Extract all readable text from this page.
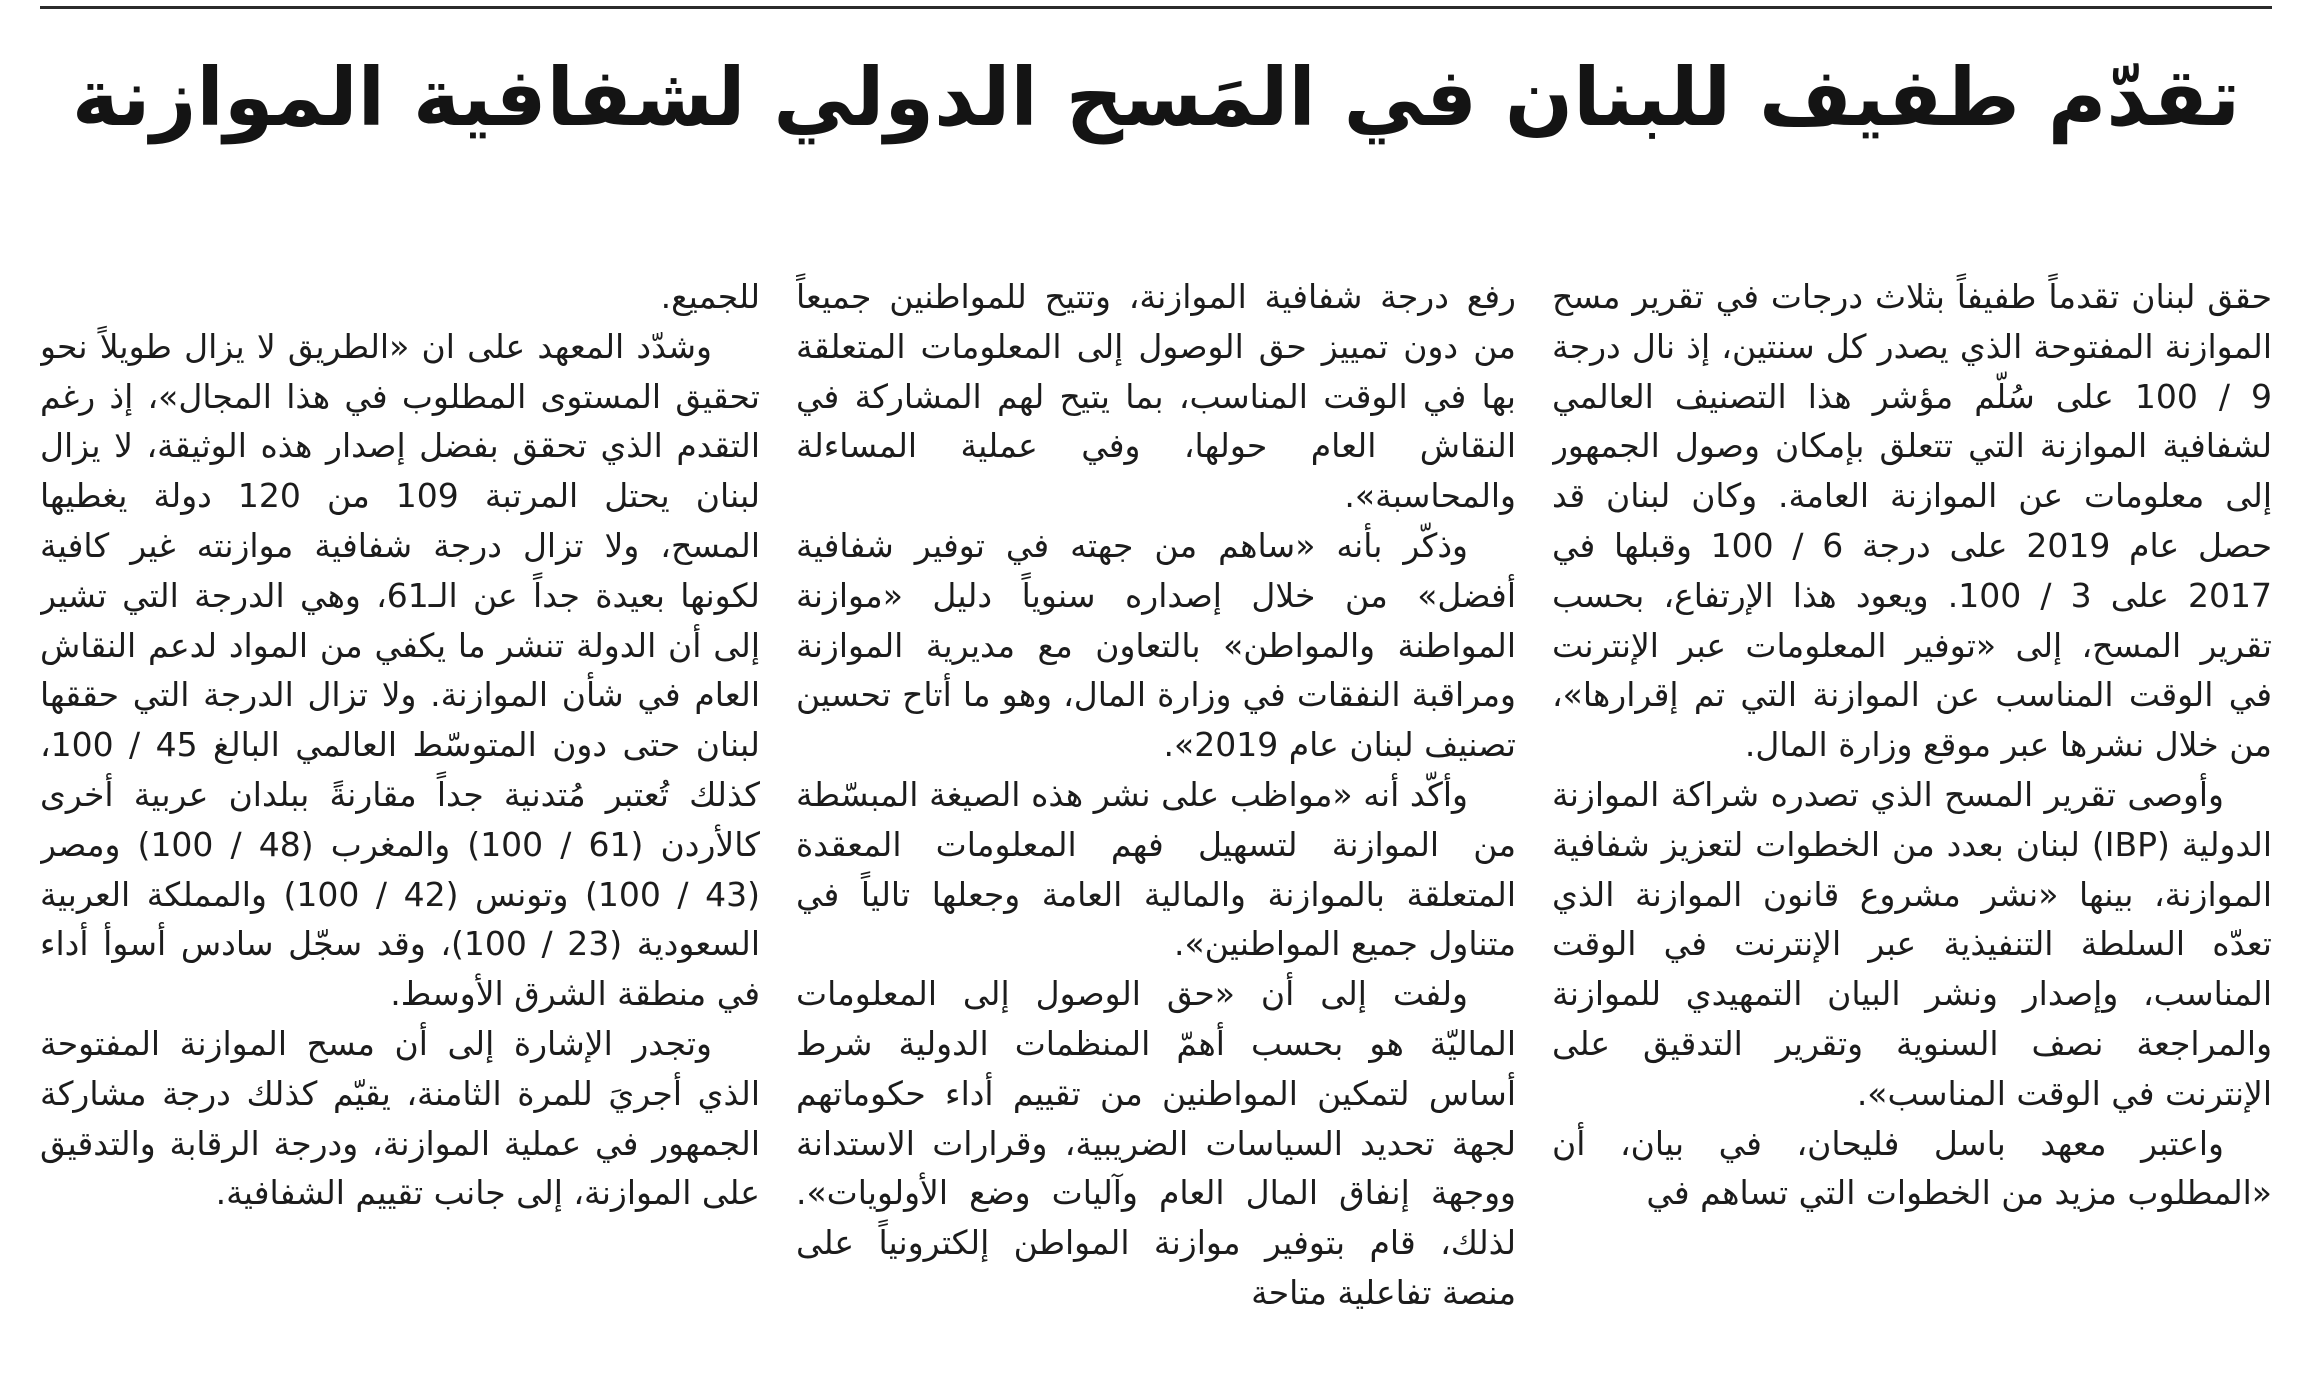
تقدّم طفيف للبنان في المَسح الدولي لشفافية الموازنة

حقق لبنان تقدماً طفيفاً بثلاث درجات في تقرير مسح الموازنة المفتوحة الذي يصدر كل سنتين، إذ نال درجة 9 / 100 على سُلّم مؤشر هذا التصنيف العالمي لشفافية الموازنة التي تتعلق بإمكان وصول الجمهور إلى معلومات عن الموازنة العامة. وكان لبنان قد حصل عام 2019 على درجة 6 / 100 وقبلها في 2017 على 3 / 100. ويعود هذا الإرتفاع، بحسب تقرير المسح، إلى «توفير المعلومات عبر الإنترنت في الوقت المناسب عن الموازنة التي تم إقرارها»، من خلال نشرها عبر موقع وزارة المال.

وأوصى تقرير المسح الذي تصدره شراكة الموازنة الدولية (IBP) لبنان بعدد من الخطوات لتعزيز شفافية الموازنة، بينها «نشر مشروع قانون الموازنة الذي تعدّه السلطة التنفيذية عبر الإنترنت في الوقت المناسب، وإصدار ونشر البيان التمهيدي للموازنة والمراجعة نصف السنوية وتقرير التدقيق على الإنترنت في الوقت المناسب».

واعتبر معهد باسل فليحان، في بيان، أن «المطلوب مزيد من الخطوات التي تساهم في

رفع درجة شفافية الموازنة، وتتيح للمواطنين جميعاً من دون تمييز حق الوصول إلى المعلومات المتعلقة بها في الوقت المناسب، بما يتيح لهم المشاركة في النقاش العام حولها، وفي عملية المساءلة والمحاسبة».

وذكّر بأنه «ساهم من جهته في توفير شفافية أفضل» من خلال إصداره سنوياً دليل «موازنة المواطنة والمواطن» بالتعاون مع مديرية الموازنة ومراقبة النفقات في وزارة المال، وهو ما أتاح تحسين تصنيف لبنان عام 2019».

وأكّد أنه «مواظب على نشر هذه الصيغة المبسّطة من الموازنة لتسهيل فهم المعلومات المعقدة المتعلقة بالموازنة والمالية العامة وجعلها تالياً في متناول جميع المواطنين».

ولفت إلى أن «حق الوصول إلى المعلومات الماليّة هو بحسب أهمّ المنظمات الدولية شرط أساس لتمكين المواطنين من تقييم أداء حكوماتهم لجهة تحديد السياسات الضريبية، وقرارات الاستدانة ووجهة إنفاق المال العام وآليات وضع الأولويات». لذلك، قام بتوفير موازنة المواطن إلكترونياً على منصة تفاعلية متاحة

للجميع.

وشدّد المعهد على ان «الطريق لا يزال طويلاً نحو تحقيق المستوى المطلوب في هذا المجال»، إذ رغم التقدم الذي تحقق بفضل إصدار هذه الوثيقة، لا يزال لبنان يحتل المرتبة 109 من 120 دولة يغطيها المسح، ولا تزال درجة شفافية موازنته غير كافية لكونها بعيدة جداً عن الـ61، وهي الدرجة التي تشير إلى أن الدولة تنشر ما يكفي من المواد لدعم النقاش العام في شأن الموازنة. ولا تزال الدرجة التي حققها لبنان حتى دون المتوسّط العالمي البالغ 45 / 100، كذلك تُعتبر مُتدنية جداً مقارنةً ببلدان عربية أخرى كالأردن (61 / 100) والمغرب (48 / 100) ومصر (43 / 100) وتونس (42 / 100) والمملكة العربية السعودية (23 / 100)، وقد سجّل سادس أسوأ أداء في منطقة الشرق الأوسط.

وتجدر الإشارة إلى أن مسح الموازنة المفتوحة الذي أجريَ للمرة الثامنة، يقيّم كذلك درجة مشاركة الجمهور في عملية الموازنة، ودرجة الرقابة والتدقيق على الموازنة، إلى جانب تقييم الشفافية.
